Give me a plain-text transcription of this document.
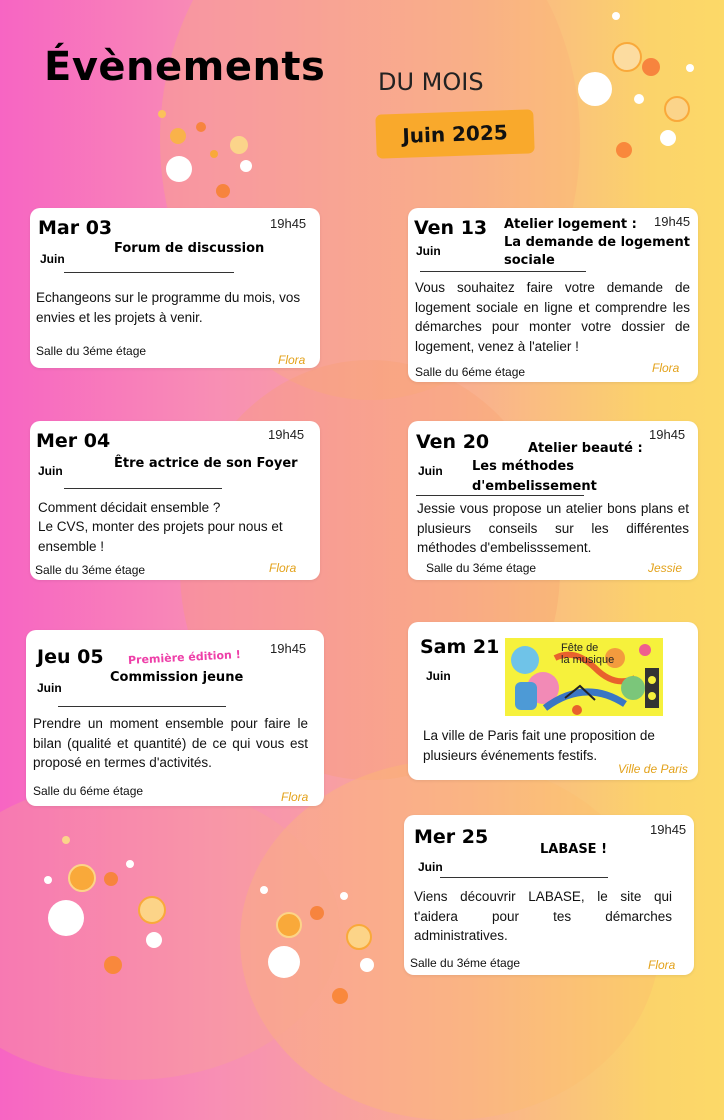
Évènements DU MOIS
Juin 2025
Mar 03	19h45
Juin
Forum de discussion
Echangeons sur le programme du mois, vos envies et les projets à venir.
Salle du 3éme étage
Flora
Ven 13	19h45
Juin
Atelier logement :
La demande de logement
sociale
Vous souhaitez faire votre demande de logement sociale en ligne et comprendre les démarches pour monter votre dossier de logement, venez à l'atelier !
Salle du 6éme étage	Flora
Mer 04	19h45
Juin	Être actrice de son Foyer
Comment décidait ensemble ?
Le CVS, monter des projets pour nous et ensemble !
Salle du 3éme étage	Flora
Ven 20	19h45
Juin
Atelier beauté :
Les méthodes d'embelissement
Jessie vous propose un atelier bons plans et plusieurs conseils sur les différentes méthodes d'embelisssement.
Salle du 3éme étage	Jessie
Jeu 05	19h45
Première édition !
Juin
Commission jeune
Prendre un moment ensemble pour faire le bilan (qualité et quantité) de ce qui vous est proposé en termes d'activités.
Salle du 6éme étage	Flora
Sam 21
Juin
Fête de
la musique
La ville de Paris fait une proposition de plusieurs événements festifs.
Ville de Paris
Mer 25	19h45
Juin
LABASE !
Viens découvrir LABASE, le site qui t'aidera pour tes démarches administratives.
Salle du 3éme étage	Flora
